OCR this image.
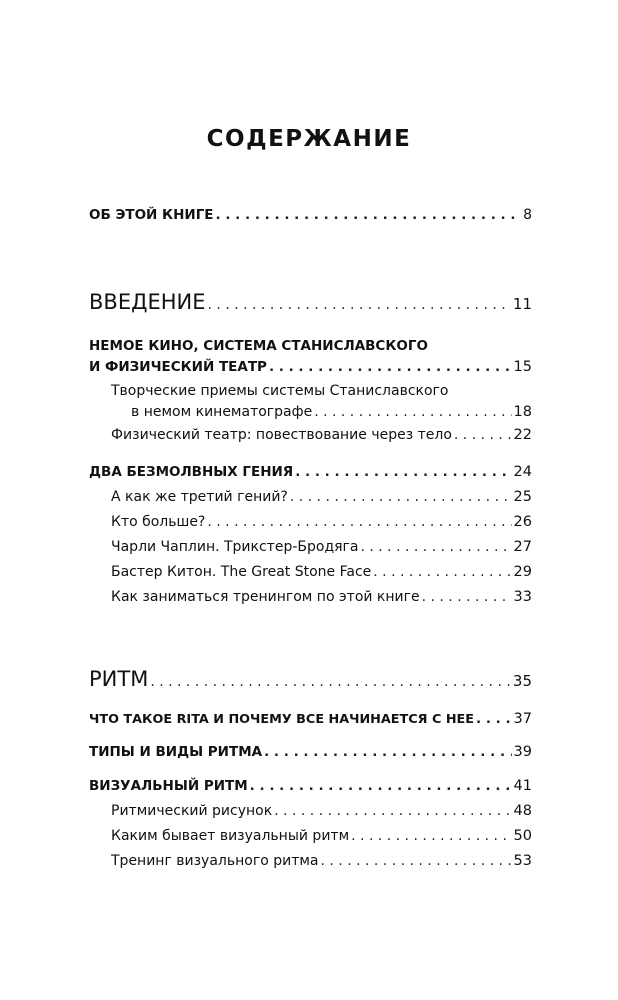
СОДЕРЖАНИЕ
ОБ ЭТОЙ КНИГЕ . . .	8
ВВЕДЕНИЕ . . .	11
НЕМОЕ КИНО, СИСТЕМА СТАНИСЛАВСКОГО
И ФИЗИЧЕСКИЙ ТЕАТР . . .	15
Творческие приемы системы Станиславского
в немом кинематографе . . .	18
Физический театр: повествование через тело . . .	22
ДВА БЕЗМОЛВНЫХ ГЕНИЯ . . .	24
А как же третий гений? . . .	25
Кто больше? . . .	26
Чарли Чаплин. Трикстер-Бродяга . . .	27
Бастер Китон. The Great Stone Face . . .	29
Как заниматься тренингом по этой книге . . .	33
РИТМ . . .	35
ЧТО ТАКОЕ RITA И ПОЧЕМУ ВСЕ НАЧИНАЕТСЯ С НЕЕ . . .	37
ТИПЫ И ВИДЫ РИТМА . . .	39
ВИЗУАЛЬНЫЙ РИТМ . . .	41
Ритмический рисунок . . .	48
Каким бывает визуальный ритм . . .	50
Тренинг визуального ритма . . .	53
